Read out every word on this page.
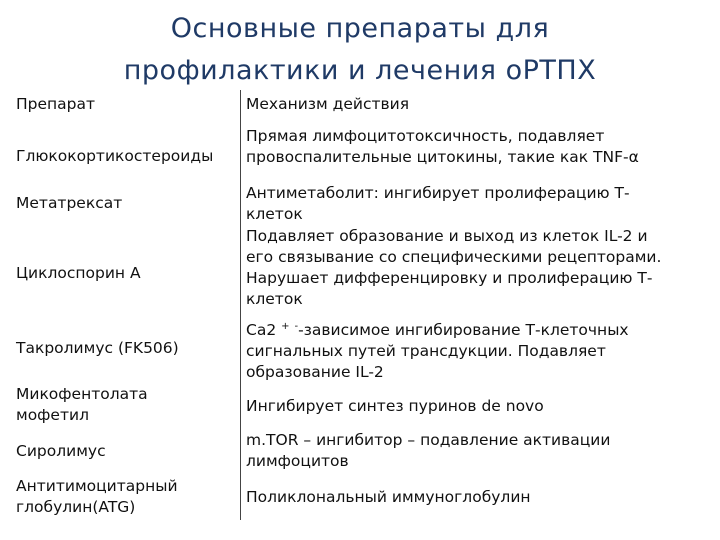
Основные препараты для
профилактики и лечения оРТПХ
Препарат	Механизм действия
Глюкокортикостероиды
Прямая лимфоцитотоксичность, подавляет
провоспалительные цитокины, такие как TNF-α
Метатрексат
Антиметаболит: ингибирует пролиферацию Т-
клеток
Циклоспорин А
Подавляет образование и выход из клеток IL-2 и
его связывание со специфическими рецепторами.
Нарушает дифференцировку и пролиферацию Т-
клеток
Такролимус (FK506)
Ca2 + --зависимое ингибирование Т-клеточных
сигнальных путей трансдукции. Подавляет
образование IL-2
Микофентолата
мофетил	Ингибирует синтез пуринов de novo
Сиролимус
m.TOR – ингибитор – подавление активации
лимфоцитов
Антитимоцитарный
глобулин(ATG)
Поликлональный иммуноглобулин
